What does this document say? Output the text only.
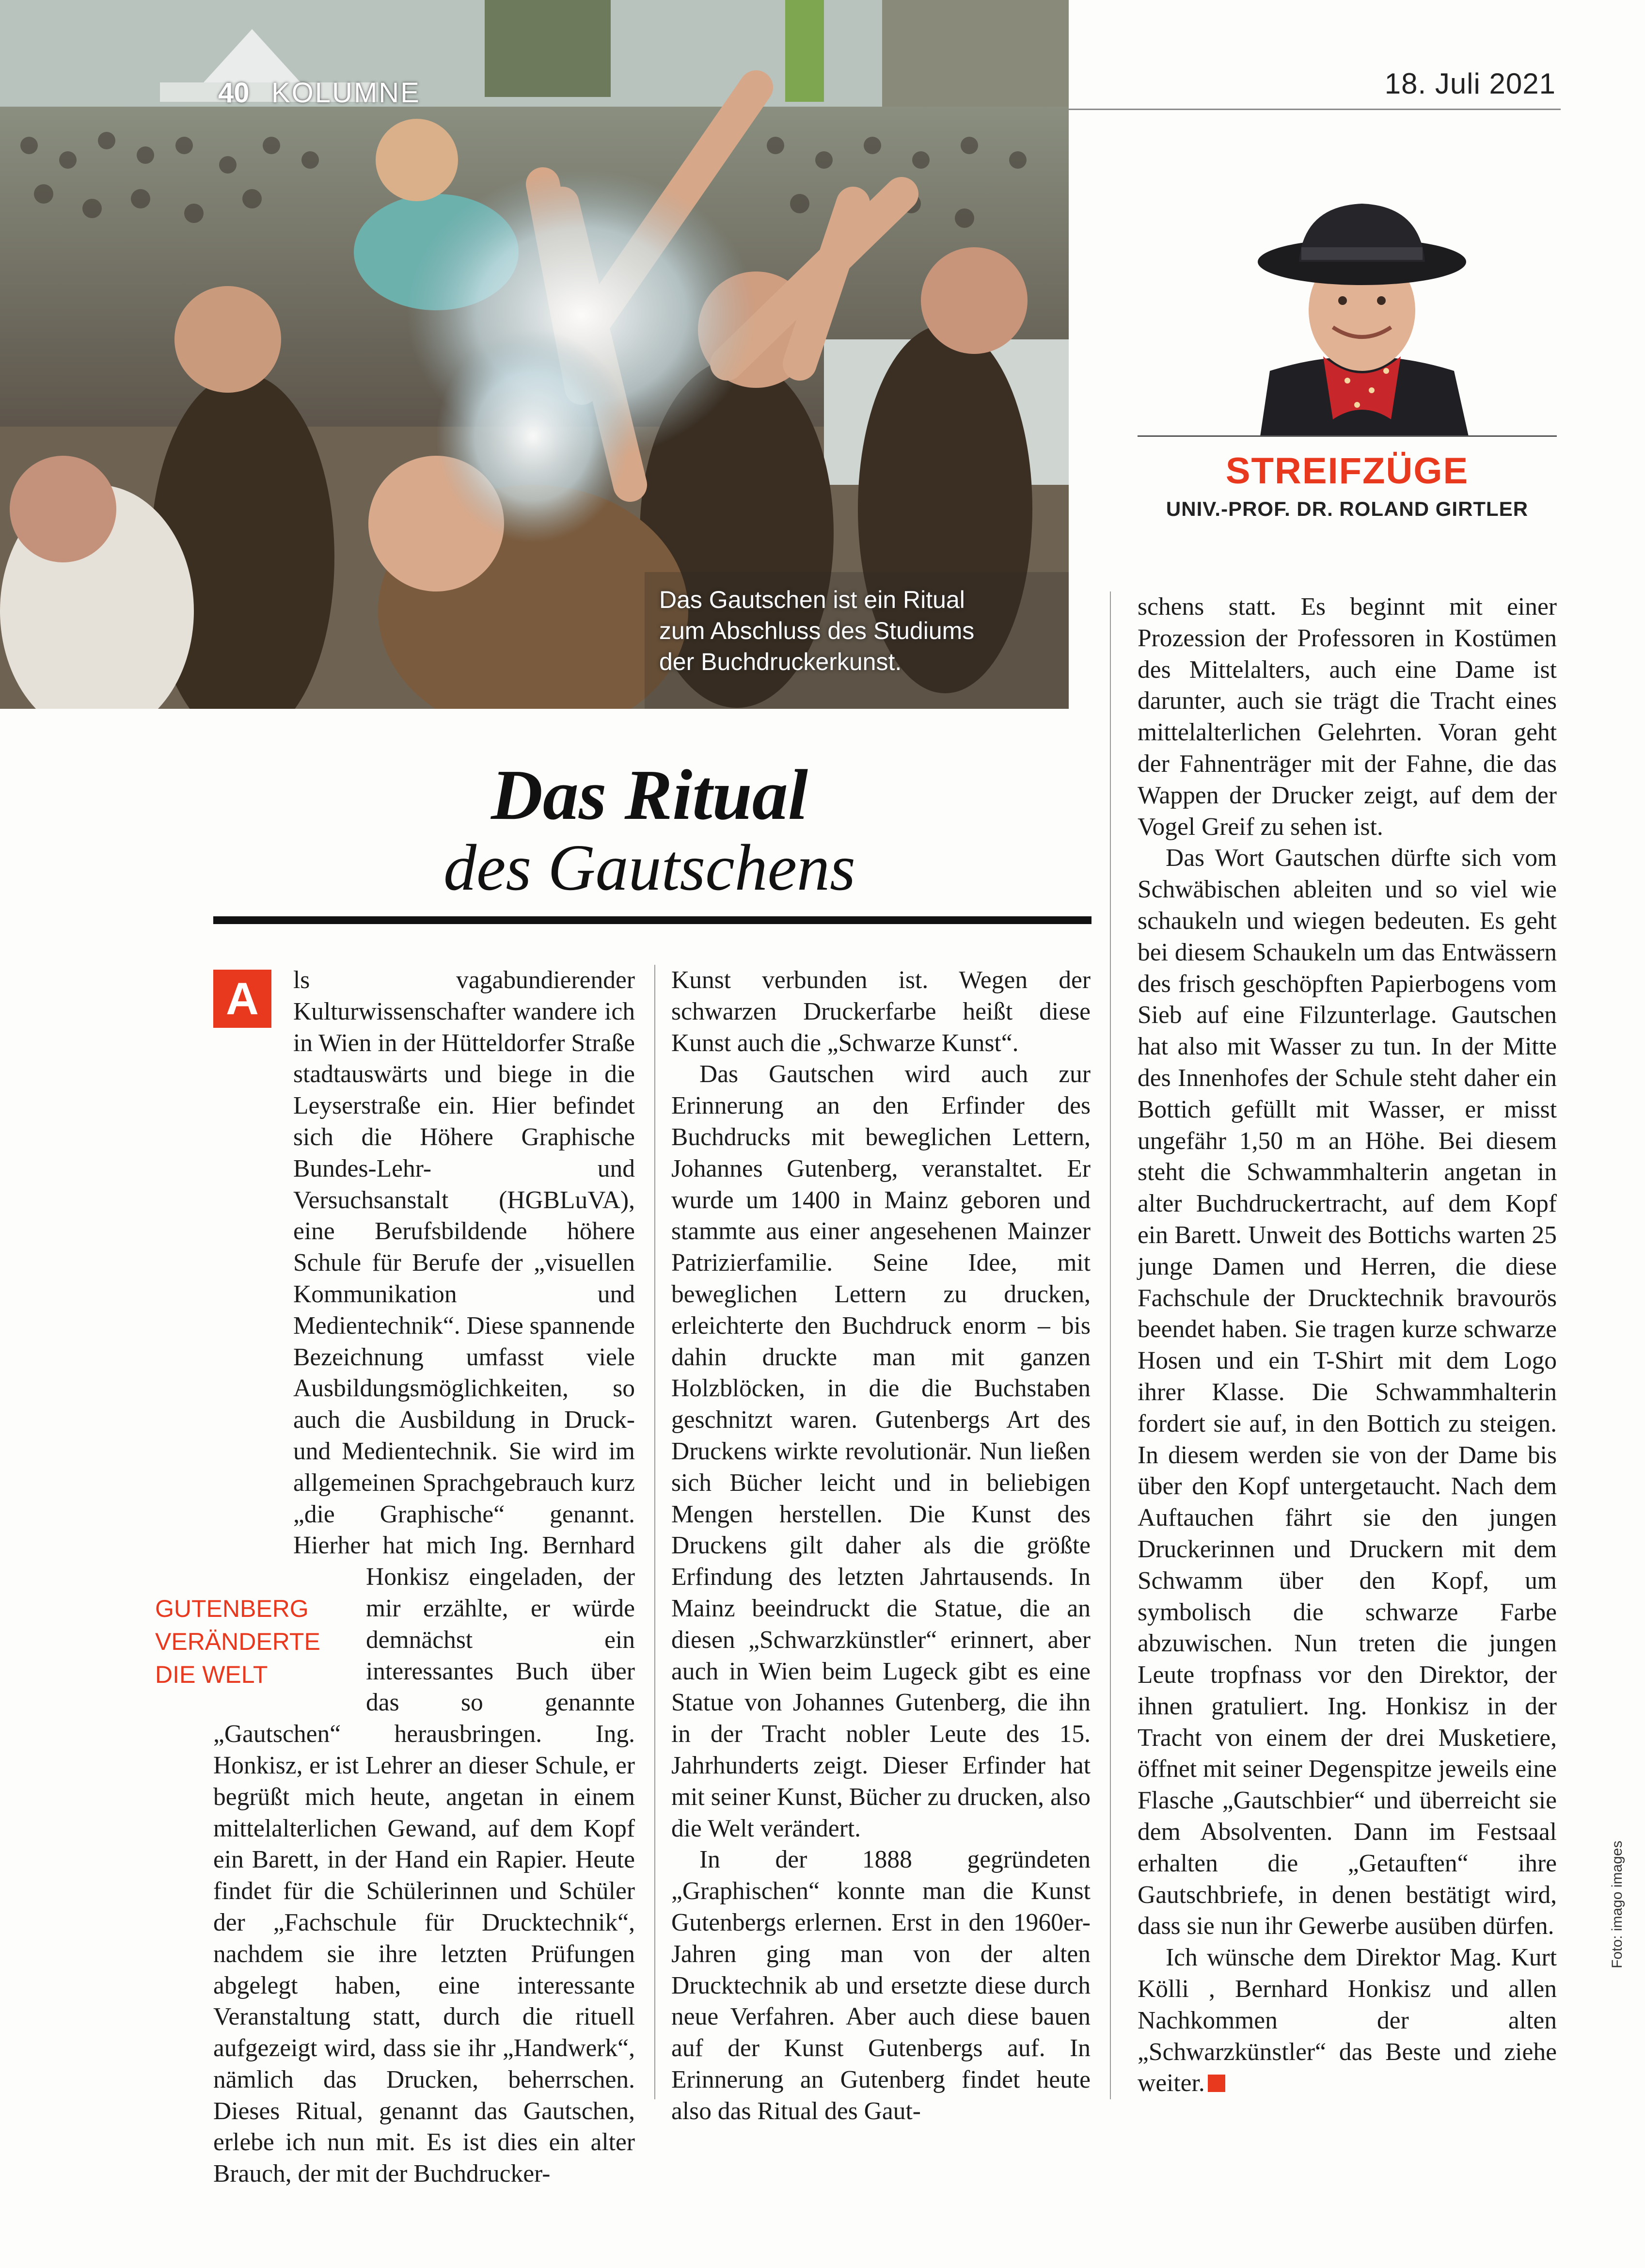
18. Juli 2021
40 KOLUMNE
Das Gautschen ist ein Ritual
zum Abschluss des Studiums
der Buchdruckerkunst.
STREIFZÜGE
UNIV.-PROF. DR. ROLAND GIRTLER
Das Ritual
des Gautschens
A
GUTENBERG
VERÄNDERTE
DIE WELT

ls vagabundierender Kulturwissenschafter wandere ich in Wien in der Hütteldorfer Straße stadtauswärts und biege in die Leyserstraße ein. Hier befindet sich die Höhere Graphische Bundes-Lehr- und Versuchsanstalt (HGBLuVA), eine Berufsbildende höhere Schule für Berufe der „visuellen Kommunikation und Medientechnik“. Diese spannende Bezeichnung umfasst viele Ausbildungsmöglichkeiten, so auch die Ausbildung in Druck- und Medientechnik. Sie wird im allgemeinen Sprachgebrauch kurz „die Graphische“ genannt. Hierher hat mich Ing. Bernhard Honkisz eingeladen, der mir erzählte, er würde demnächst ein interessantes Buch über das so genannte „Gautschen“ herausbringen. Ing. Honkisz, er ist Lehrer an dieser Schule, er begrüßt mich heute, angetan in einem mittelalterlichen Gewand, auf dem Kopf ein Barett, in der Hand ein Rapier. Heute findet für die Schülerinnen und Schüler der „Fachschule für Drucktechnik“, nachdem sie ihre letzten Prüfungen abgelegt haben, eine interessante Veranstaltung statt, durch die rituell aufgezeigt wird, dass sie ihr „Handwerk“, nämlich das Drucken, beherrschen. Dieses Ritual, genannt das Gautschen, erlebe ich nun mit. Es ist dies ein alter Brauch, der mit der Buchdrucker-

Kunst verbunden ist. Wegen der schwarzen Druckerfarbe heißt diese Kunst auch die „Schwarze Kunst“.

Das Gautschen wird auch zur Erinnerung an den Erfinder des Buchdrucks mit beweglichen Lettern, Johannes Gutenberg, veranstaltet. Er wurde um 1400 in Mainz geboren und stammte aus einer angesehenen Mainzer Patrizierfamilie. Seine Idee, mit beweglichen Lettern zu drucken, erleichterte den Buchdruck enorm – bis dahin druckte man mit ganzen Holzblöcken, in die die Buchstaben geschnitzt waren. Gutenbergs Art des Druckens wirkte revolutionär. Nun ließen sich Bücher leicht und in beliebigen Mengen herstellen. Die Kunst des Druckens gilt daher als die größte Erfindung des letzten Jahrtausends. In Mainz beeindruckt die Statue, die an diesen „Schwarzkünstler“ erinnert, aber auch in Wien beim Lugeck gibt es eine Statue von Johannes Gutenberg, die ihn in der Tracht nobler Leute des 15. Jahrhunderts zeigt. Dieser Erfinder hat mit seiner Kunst, Bücher zu drucken, also die Welt verändert.

In der 1888 gegründeten „Graphischen“ konnte man die Kunst Gutenbergs erlernen. Erst in den 1960er-Jahren ging man von der alten Drucktechnik ab und ersetzte diese durch neue Verfahren. Aber auch diese bauen auf der Kunst Gutenbergs auf. In Erinnerung an Gutenberg findet heute also das Ritual des Gaut-

schens statt. Es beginnt mit einer Prozession der Professoren in Kostümen des Mittelalters, auch eine Dame ist darunter, auch sie trägt die Tracht eines mittelalterlichen Gelehrten. Voran geht der Fahnenträger mit der Fahne, die das Wappen der Drucker zeigt, auf dem der Vogel Greif zu sehen ist.

Das Wort Gautschen dürfte sich vom Schwäbischen ableiten und so viel wie schaukeln und wiegen bedeuten. Es geht bei diesem Schaukeln um das Entwässern des frisch geschöpften Papierbogens vom Sieb auf eine Filzunterlage. Gautschen hat also mit Wasser zu tun. In der Mitte des Innenhofes der Schule steht daher ein Bottich gefüllt mit Wasser, er misst ungefähr 1,50 m an Höhe. Bei diesem steht die Schwammhalterin angetan in alter Buchdruckertracht, auf dem Kopf ein Barett. Unweit des Bottichs warten 25 junge Damen und Herren, die diese Fachschule der Drucktechnik bravourös beendet haben. Sie tragen kurze schwarze Hosen und ein T-Shirt mit dem Logo ihrer Klasse. Die Schwammhalterin fordert sie auf, in den Bottich zu steigen. In diesem werden sie von der Dame bis über den Kopf untergetaucht. Nach dem Auftauchen fährt sie den jungen Druckerinnen und Druckern mit dem Schwamm über den Kopf, um symbolisch die schwarze Farbe abzuwischen. Nun treten die jungen Leute tropfnass vor den Direktor, der ihnen gratuliert. Ing. Honkisz in der Tracht von einem der drei Musketiere, öffnet mit seiner Degenspitze jeweils eine Flasche „Gautschbier“ und überreicht sie dem Absolventen. Dann im Festsaal erhalten die „Getauften“ ihre Gautschbriefe, in denen bestätigt wird, dass sie nun ihr Gewerbe ausüben dürfen.

Ich wünsche dem Direktor Mag. Kurt Kölli , Bernhard Honkisz und allen Nachkommen der alten „Schwarzkünstler“ das Beste und ziehe weiter.

Foto: imago images
